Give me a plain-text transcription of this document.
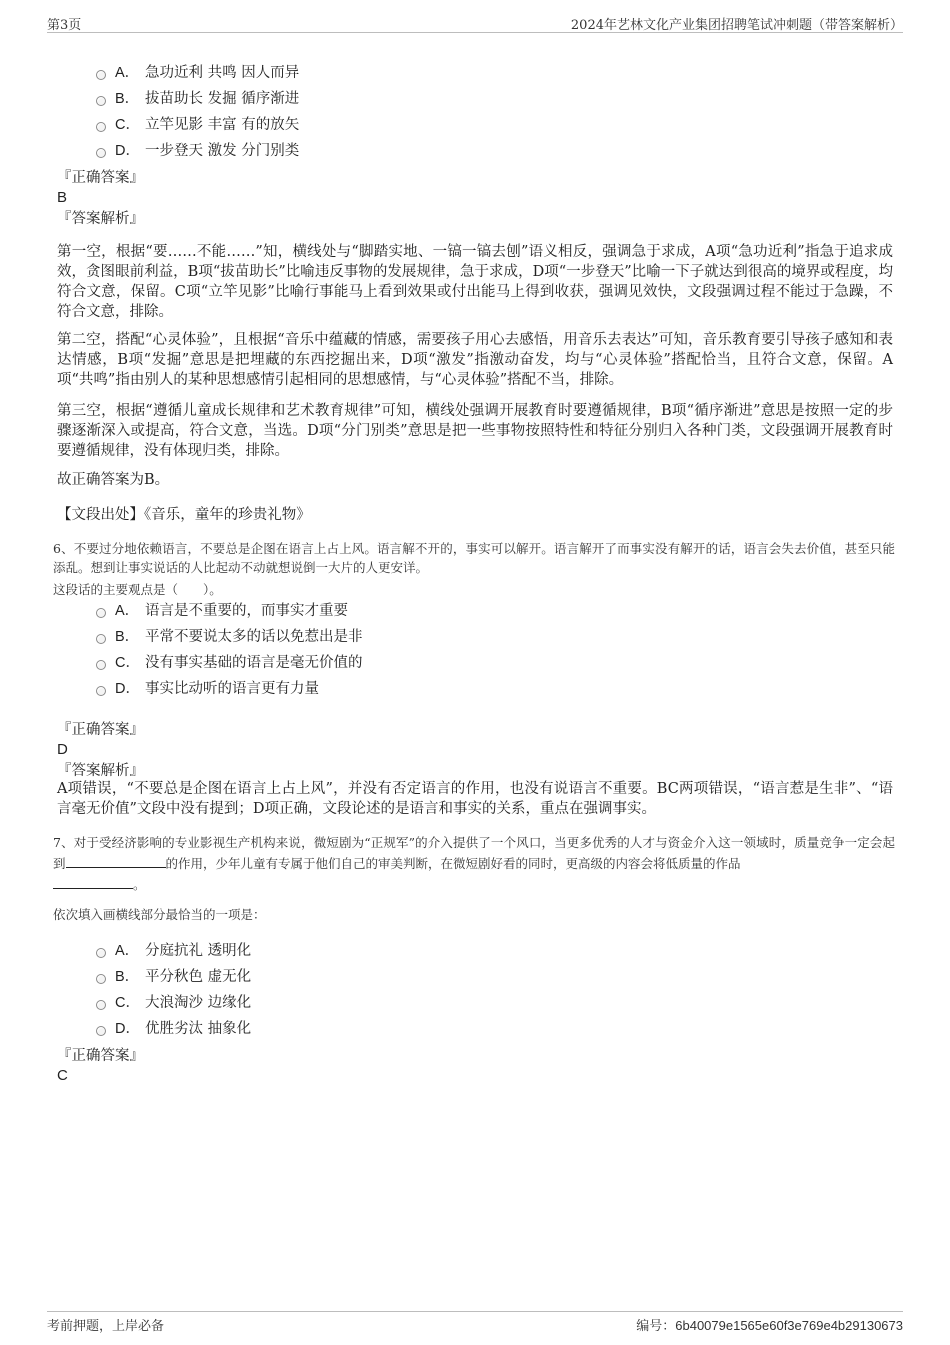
第3页	2024年艺林文化产业集团招聘笔试冲刺题（带答案解析）
A． 急功近利 共鸣 因人而异
B． 拔苗助长 发掘 循序渐进
C． 立竿见影 丰富 有的放矢
D． 一步登天 激发 分门别类
『正确答案』
B
『答案解析』

第一空，根据“要……不能……”知，横线处与“脚踏实地、一镐一镐去刨”语义相反，强调急于求成，A项“急功近利”指急于追求成效，贪图眼前利益，B项“拔苗助长”比喻违反事物的发展规律，急于求成，D项“一步登天”比喻一下子就达到很高的境界或程度，均符合文意，保留。C项“立竿见影”比喻行事能马上看到效果或付出能马上得到收获，强调见效快，文段强调过程不能过于急躁，不符合文意，排除。

第二空，搭配“心灵体验”，且根据“音乐中蕴藏的情感，需要孩子用心去感悟，用音乐去表达”可知，音乐教育要引导孩子感知和表达情感，B项“发掘”意思是把埋藏的东西挖掘出来，D项“激发”指激动奋发，均与“心灵体验”搭配恰当，且符合文意，保留。A项“共鸣”指由别人的某种思想感情引起相同的思想感情，与“心灵体验”搭配不当，排除。

第三空，根据“遵循儿童成长规律和艺术教育规律”可知，横线处强调开展教育时要遵循规律，B项“循序渐进”意思是按照一定的步骤逐渐深入或提高，符合文意，当选。D项“分门别类”意思是把一些事物按照特性和特征分别归入各种门类，文段强调开展教育时要遵循规律，没有体现归类，排除。

故正确答案为B。

【文段出处】《音乐，童年的珍贵礼物》

6、不要过分地依赖语言，不要总是企图在语言上占上风。语言解不开的，事实可以解开。语言解开了而事实没有解开的话，语言会失去价值，甚至只能添乱。想到让事实说话的人比起动不动就想说倒一大片的人更安详。

这段话的主要观点是（　　）。

A． 语言是不重要的，而事实才重要
B． 平常不要说太多的话以免惹出是非
C． 没有事实基础的语言是毫无价值的
D． 事实比动听的语言更有力量
『正确答案』
D
『答案解析』

A项错误，“不要总是企图在语言上占上风”，并没有否定语言的作用，也没有说语言不重要。BC两项错误，“语言惹是生非”、“语言毫无价值”文段中没有提到；D项正确，文段论述的是语言和事实的关系，重点在强调事实。

7、对于受经济影响的专业影视生产机构来说，微短剧为“正规军”的介入提供了一个风口，当更多优秀的人才与资金介入这一领域时，质量竞争一定会起到	的作用，少年儿童有专属于他们自己的审美判断，在微短剧好看的同时，更高级的内容会将低质量的作品
。

依次填入画横线部分最恰当的一项是：

A． 分庭抗礼 透明化
B． 平分秋色 虚无化
C． 大浪淘沙 边缘化
D． 优胜劣汰 抽象化
『正确答案』
C
考前押题，上岸必备	编号：6b40079e1565e60f3e769e4b29130673
